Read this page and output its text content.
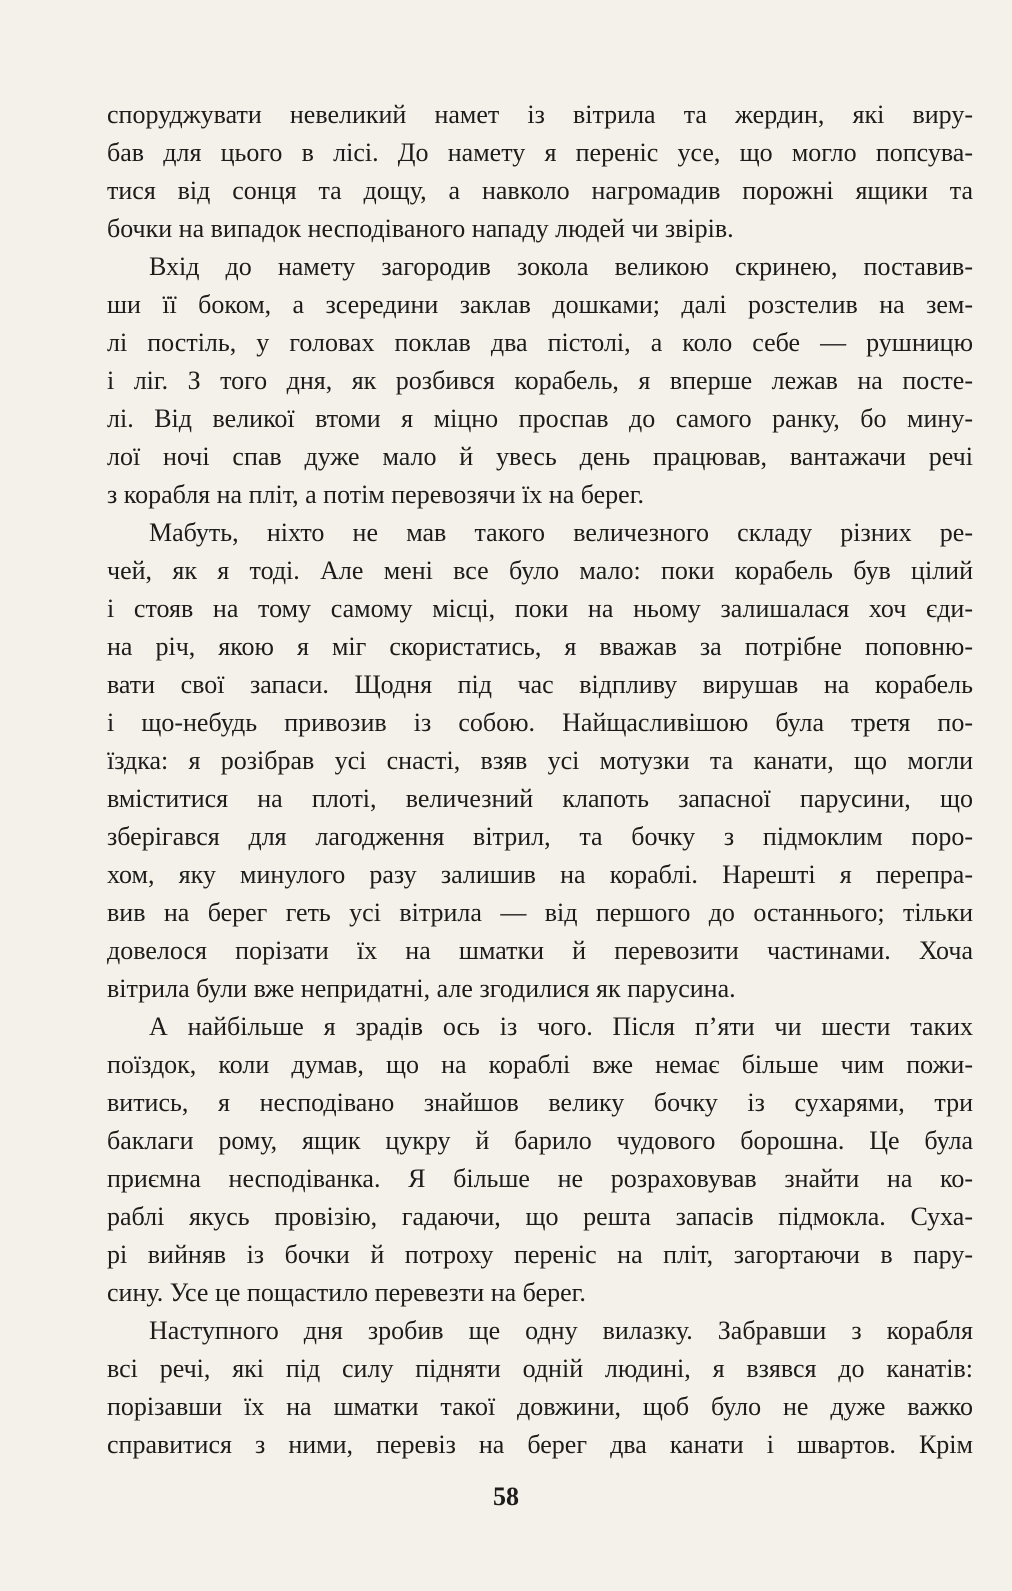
споруджувати невеликий намет із вітрила та жердин, які виру-
бав для цього в лісі. До намету я переніс усе, що могло попсува-
тися від сонця та дощу, а навколо нагромадив порожні ящики та
бочки на випадок несподіваного нападу людей чи звірів.
Вхід до намету загородив зокола великою скринею, поставив-
ши її боком, а зсередини заклав дошками; далі розстелив на зем-
лі постіль, у головах поклав два пістолі, а коло себе — рушницю
і ліг. З того дня, як розбився корабель, я вперше лежав на посте-
лі. Від великої втоми я міцно проспав до самого ранку, бо мину-
лої ночі спав дуже мало й увесь день працював, вантажачи речі
з корабля на пліт, а потім перевозячи їх на берег.
Мабуть, ніхто не мав такого величезного складу різних ре-
чей, як я тоді. Але мені все було мало: поки корабель був цілий
і стояв на тому самому місці, поки на ньому залишалася хоч єди-
на річ, якою я міг скористатись, я вважав за потрібне поповню-
вати свої запаси. Щодня під час відпливу вирушав на корабель
і що-небудь привозив із собою. Найщасливішою була третя по-
їздка: я розібрав усі снасті, взяв усі мотузки та канати, що могли
вміститися на плоті, величезний клапоть запасної парусини, що
зберігався для лагодження вітрил, та бочку з підмоклим поро-
хом, яку минулого разу залишив на кораблі. Нарешті я перепра-
вив на берег геть усі вітрила — від першого до останнього; тільки
довелося порізати їх на шматки й перевозити частинами. Хоча
вітрила були вже непридатні, але згодилися як парусина.
А найбільше я зрадів ось із чого. Після п’яти чи шести таких
поїздок, коли думав, що на кораблі вже немає більше чим пожи-
витись, я несподівано знайшов велику бочку із сухарями, три
баклаги рому, ящик цукру й барило чудового борошна. Це була
приємна несподіванка. Я більше не розраховував знайти на ко-
раблі якусь провізію, гадаючи, що решта запасів підмокла. Суха-
рі вийняв із бочки й потроху переніс на пліт, загортаючи в пару-
сину. Усе це пощастило перевезти на берег.
Наступного дня зробив ще одну вилазку. Забравши з корабля
всі речі, які під силу підняти одній людині, я взявся до канатів:
порізавши їх на шматки такої довжини, щоб було не дуже важко
справитися з ними, перевіз на берег два канати і швартов. Крім
58
